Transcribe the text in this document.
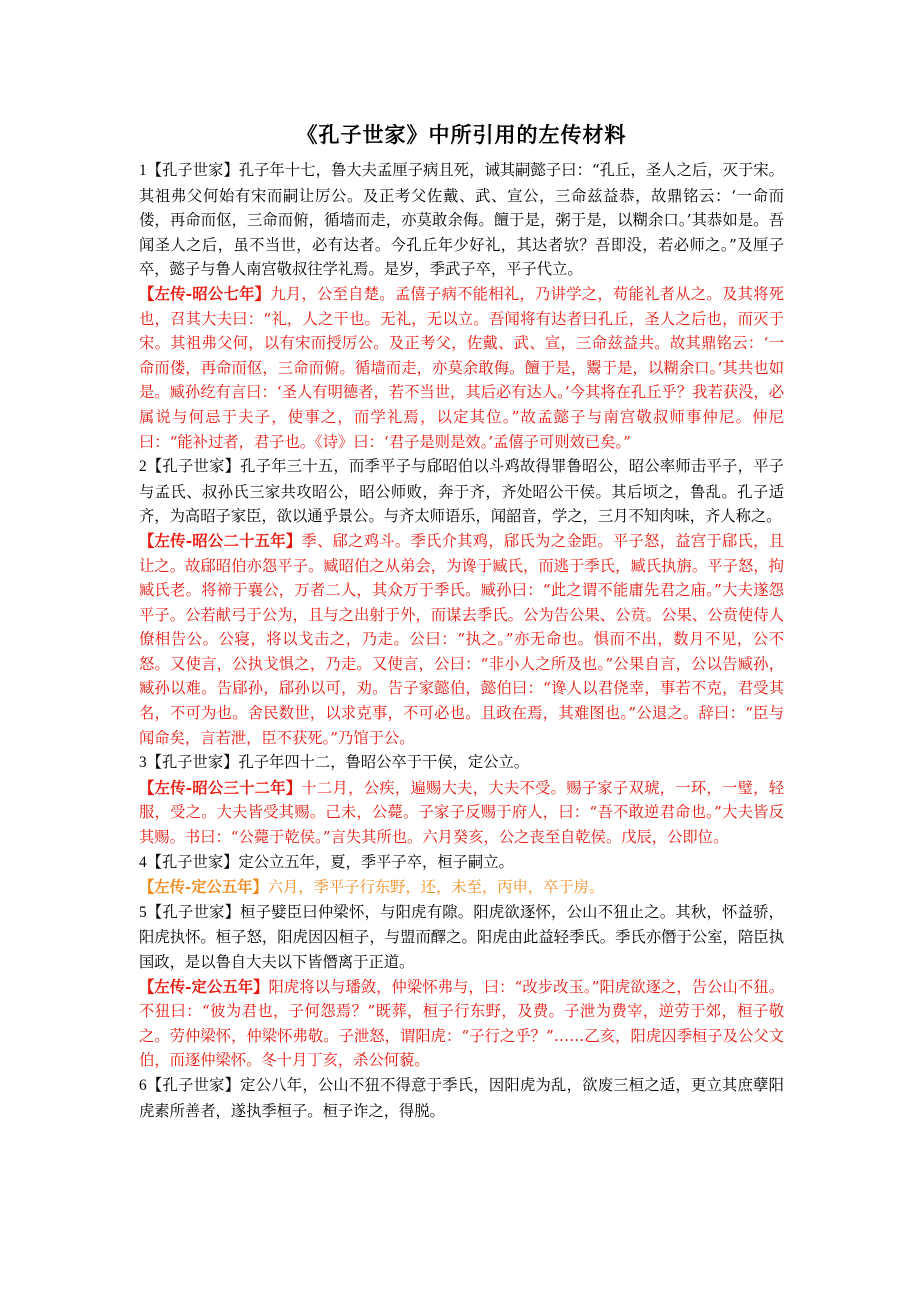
《孔子世家》中所引用的左传材料

1【孔子世家】孔子年十七，鲁大夫孟厘子病且死，诫其嗣懿子曰：“孔丘，圣人之后，灭于宋。其祖弗父何始有宋而嗣让厉公。及正考父佐戴、武、宣公，三命兹益恭，故鼎铭云：‘一命而偻，再命而伛，三命而俯，循墙而走，亦莫敢余侮。饘于是，粥于是，以糊余口。’其恭如是。吾闻圣人之后，虽不当世，必有达者。今孔丘年少好礼，其达者欤？吾即没，若必师之。”及厘子卒，懿子与鲁人南宫敬叔往学礼焉。是岁，季武子卒，平子代立。

【左传-昭公七年】九月，公至自楚。孟僖子病不能相礼，乃讲学之，苟能礼者从之。及其将死也，召其大夫曰：“礼，人之干也。无礼，无以立。吾闻将有达者曰孔丘，圣人之后也，而灭于宋。其祖弗父何，以有宋而授厉公。及正考父，佐戴、武、宣，三命兹益共。故其鼎铭云：‘一命而偻，再命而伛，三命而俯。循墙而走，亦莫余敢侮。饘于是，鬻于是，以糊余口。’其共也如是。臧孙纥有言曰：‘圣人有明德者，若不当世，其后必有达人。’今其将在孔丘乎？我若获没，必属说与何忌于夫子，使事之，而学礼焉，以定其位。”故孟懿子与南宫敬叔师事仲尼。仲尼曰：“能补过者，君子也。《诗》曰：‘君子是则是效。’孟僖子可则效已矣。”

2【孔子世家】孔子年三十五，而季平子与郈昭伯以斗鸡故得罪鲁昭公，昭公率师击平子，平子与孟氏、叔孙氏三家共攻昭公，昭公师败，奔于齐，齐处昭公干侯。其后顷之，鲁乱。孔子适齐，为高昭子家臣，欲以通乎景公。与齐太师语乐，闻韶音，学之，三月不知肉味，齐人称之。

【左传-昭公二十五年】季、郈之鸡斗。季氏介其鸡，郈氏为之金距。平子怒，益宫于郈氏，且让之。故郈昭伯亦怨平子。臧昭伯之从弟会，为谗于臧氏，而逃于季氏，臧氏执旃。平子怒，拘臧氏老。将禘于襄公，万者二人，其众万于季氏。臧孙曰：“此之谓不能庸先君之庙。”大夫遂怨平子。公若献弓于公为，且与之出射于外，而谋去季氏。公为告公果、公贲。公果、公贲使侍人僚相告公。公寝，将以戈击之，乃走。公曰：“执之。”亦无命也。惧而不出，数月不见，公不怒。又使言，公执戈惧之，乃走。又使言，公曰：“非小人之所及也。”公果自言，公以告臧孙，臧孙以难。告郈孙，郈孙以可，劝。告子家懿伯，懿伯曰：“谗人以君侥幸，事若不克，君受其名，不可为也。舍民数世，以求克事，不可必也。且政在焉，其难图也。”公退之。辞曰：“臣与闻命矣，言若泄，臣不获死。”乃馆于公。

3【孔子世家】孔子年四十二，鲁昭公卒于干侯，定公立。

【左传-昭公三十二年】十二月，公疾，遍赐大夫，大夫不受。赐子家子双琥，一环，一璧，轻服，受之。大夫皆受其赐。己未，公薨。子家子反赐于府人，曰：“吾不敢逆君命也。”大夫皆反其赐。书曰：“公薨于乾侯。”言失其所也。六月癸亥，公之丧至自乾侯。戊辰，公即位。

4【孔子世家】定公立五年，夏，季平子卒，桓子嗣立。

【左传-定公五年】六月，季平子行东野，还，未至，丙申，卒于房。

5【孔子世家】桓子嬖臣曰仲梁怀，与阳虎有隙。阳虎欲逐怀，公山不狃止之。其秋，怀益骄，阳虎执怀。桓子怒，阳虎因囚桓子，与盟而醳之。阳虎由此益轻季氏。季氏亦僭于公室，陪臣执国政，是以鲁自大夫以下皆僭离于正道。

【左传-定公五年】阳虎将以与璠敛，仲梁怀弗与，曰：“改步改玉。”阳虎欲逐之，告公山不狃。不狃曰：“彼为君也，子何怨焉？”既葬，桓子行东野，及费。子泄为费宰，逆劳于郊，桓子敬之。劳仲梁怀，仲梁怀弗敬。子泄怒，谓阳虎：“子行之乎？”……乙亥，阳虎囚季桓子及公父文伯，而逐仲梁怀。冬十月丁亥，杀公何藐。

6【孔子世家】定公八年，公山不狃不得意于季氏，因阳虎为乱，欲废三桓之适，更立其庶孽阳虎素所善者，遂执季桓子。桓子诈之，得脱。
